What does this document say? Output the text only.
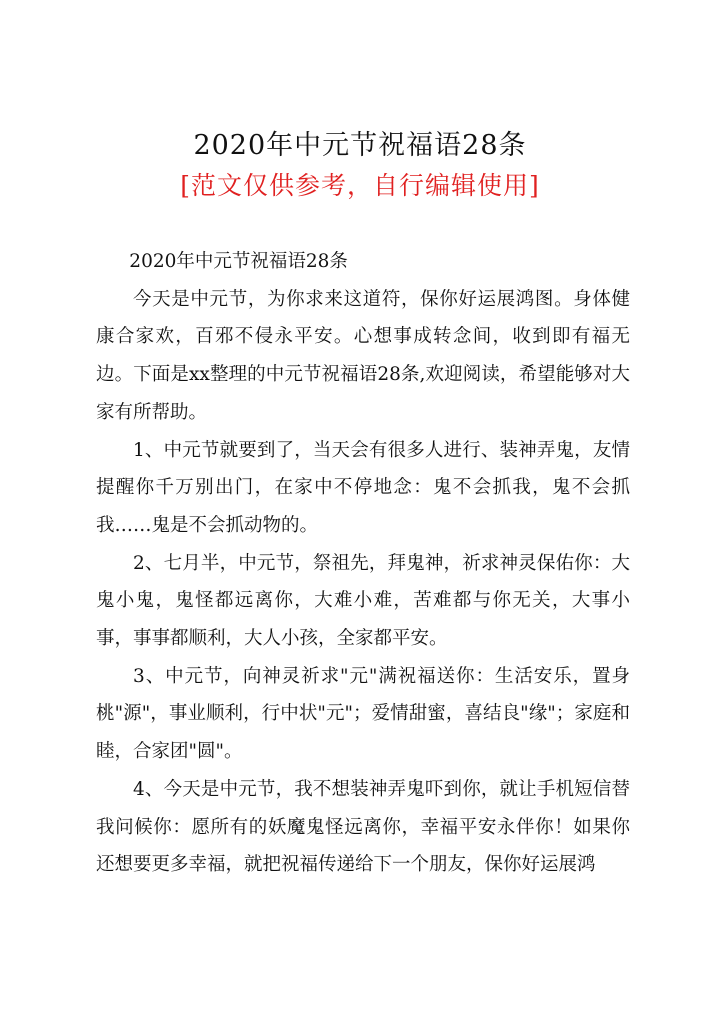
2020年中元节祝福语28条
[范文仅供参考，自行编辑使用]

2020年中元节祝福语28条

今天是中元节，为你求来这道符，保你好运展鸿图。身体健康合家欢，百邪不侵永平安。心想事成转念间，收到即有福无边。下面是xx整理的中元节祝福语28条,欢迎阅读，希望能够对大家有所帮助。

1、中元节就要到了，当天会有很多人进行、装神弄鬼，友情提醒你千万别出门，在家中不停地念：鬼不会抓我，鬼不会抓我……鬼是不会抓动物的。

2、七月半，中元节，祭祖先，拜鬼神，祈求神灵保佑你：大鬼小鬼，鬼怪都远离你，大难小难，苦难都与你无关，大事小事，事事都顺利，大人小孩，全家都平安。

3、中元节，向神灵祈求"元"满祝福送你：生活安乐，置身桃"源"，事业顺利，行中状"元"；爱情甜蜜，喜结良"缘"；家庭和睦，合家团"圆"。

4、今天是中元节，我不想装神弄鬼吓到你，就让手机短信替我问候你：愿所有的妖魔鬼怪远离你，幸福平安永伴你！如果你还想要更多幸福，就把祝福传递给下一个朋友，保你好运展鸿
